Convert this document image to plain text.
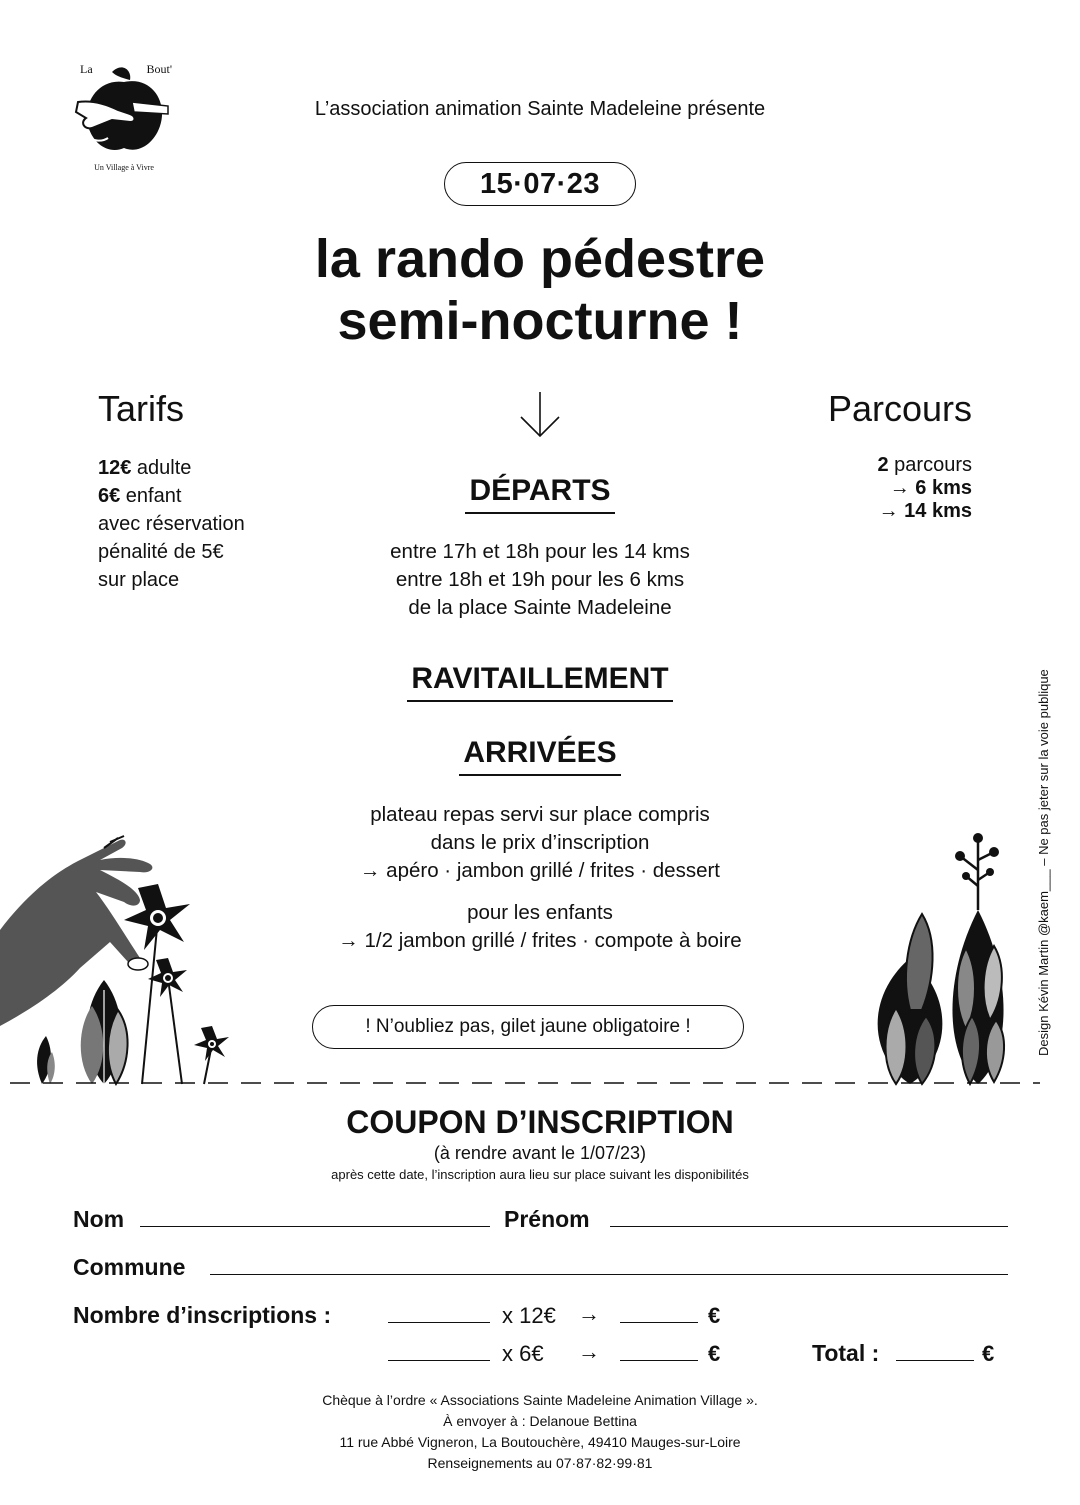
La	Bout'
Un Village à Vivre
L’association animation Sainte Madeleine présente
15·07·23
la rando pédestre
semi-nocturne !
Tarifs	Parcours
12€ adulte
6€ enfant
avec réservation
pénalité de 5€
sur place
2 parcours
→ 6 kms
→ 14 kms
DÉPARTS
entre 17h et 18h pour les 14 kms
entre 18h et 19h pour les 6 kms
de la place Sainte Madeleine
RAVITAILLEMENT
ARRIVÉES
plateau repas servi sur place compris
dans le prix d’inscription
→ apéro · jambon grillé / frites · dessert
pour les enfants
→ 1/2 jambon grillé / frites · compote à boire
! N’oubliez pas, gilet jaune obligatoire !	Design Kévin Martin @kaem___ – Ne pas jeter sur la voie publique
COUPON D’INSCRIPTION
(à rendre avant le 1/07/23)
après cette date, l’inscription aura lieu sur place suivant les disponibilités
Nom	Prénom
Commune
Nombre d’inscriptions :	x 12€ →	€
x 6€ →	€	Total :	€
Chèque à l’ordre « Associations Sainte Madeleine Animation Village ».
À envoyer à : Delanoue Bettina
11 rue Abbé Vigneron, La Boutouchère, 49410 Mauges-sur-Loire
Renseignements au 07·87·82·99·81
